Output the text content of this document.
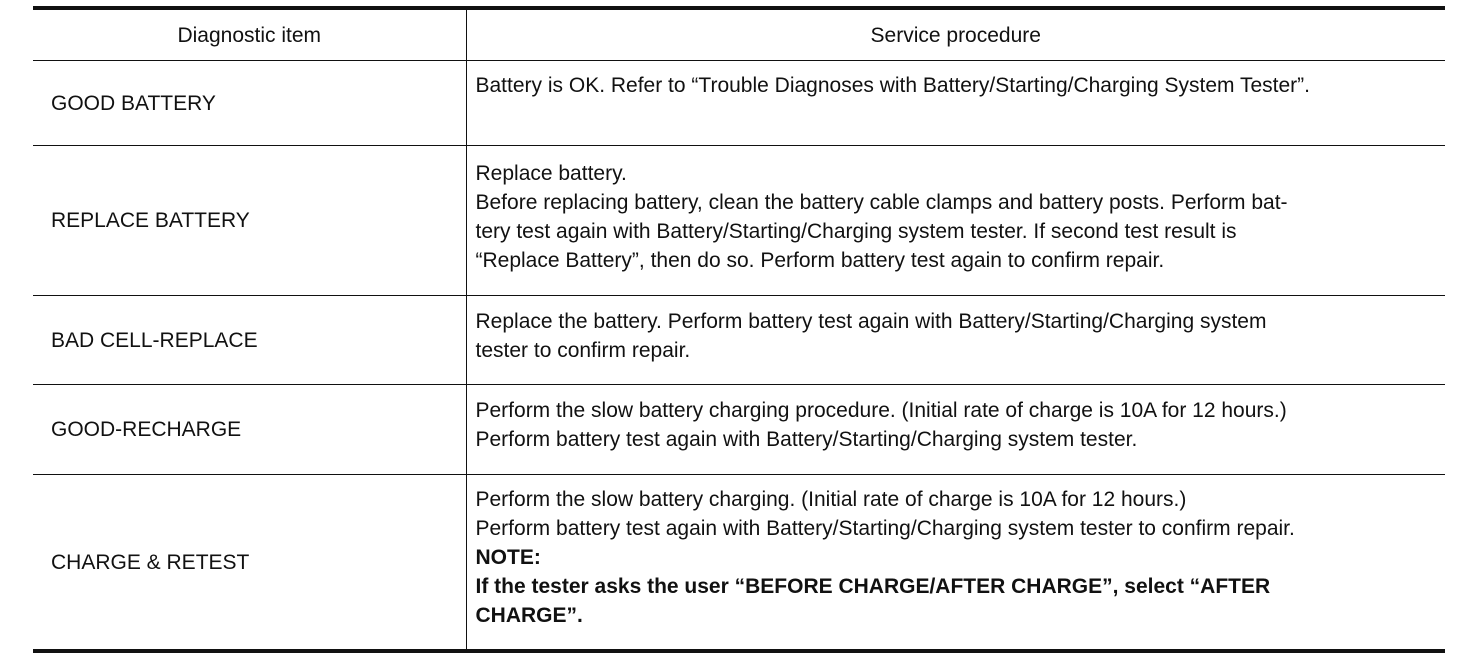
Diagnostic item	Service procedure
GOOD BATTERY	Battery is OK. Refer to “Trouble Diagnoses with Battery/Starting/Charging System Tester”.

REPLACE BATTERY	Replace battery.
Before replacing battery, clean the battery cable clamps and battery posts. Perform bat-
tery test again with Battery/Starting/Charging system tester. If second test result is
“Replace Battery”, then do so. Perform battery test again to confirm repair.

BAD CELL-REPLACE	Replace the battery. Perform battery test again with Battery/Starting/Charging system
tester to confirm repair.

GOOD-RECHARGE	Perform the slow battery charging procedure. (Initial rate of charge is 10A for 12 hours.)
Perform battery test again with Battery/Starting/Charging system tester.

CHARGE & RETEST	Perform the slow battery charging. (Initial rate of charge is 10A for 12 hours.)
Perform battery test again with Battery/Starting/Charging system tester to confirm repair.
NOTE:
If the tester asks the user “BEFORE CHARGE/AFTER CHARGE”, select “AFTER
CHARGE”.
